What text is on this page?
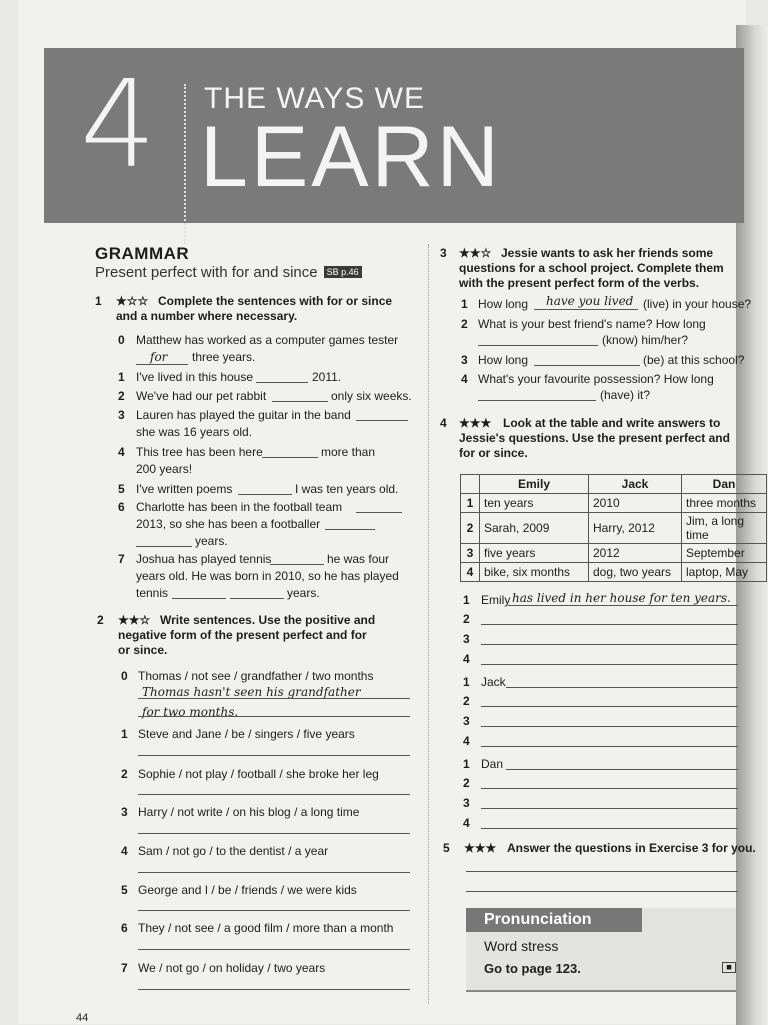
4 THE WAYS WE
LEARN
GRAMMAR
Present perfect with for and since SB p.46
1 ★☆☆ Complete the sentences with for or since
and a number where necessary.
0 Matthew has worked as a computer games tester
for three years.
1 I've lived in this house	2011.
2 We've had our pet rabbit	only six weeks.
3 Lauren has played the guitar in the band
she was 16 years old.
4 This tree has been here	more than
200 years!
5 I've written poems	I was ten years old.
6 Charlotte has been in the football team
2013, so she has been a footballer
years.
7 Joshua has played tennis	he was four
years old. He was born in 2010, so he has played
tennis	years.
2 ★★☆ Write sentences. Use the positive and
negative form of the present perfect and for
or since.
0 Thomas / not see / grandfather / two months
Thomas hasn't seen his grandfather
for two months.
1 Steve and Jane / be / singers / five years
2 Sophie / not play / football / she broke her leg
3 Harry / not write / on his blog / a long time
4 Sam / not go / to the dentist / a year
5 George and I / be / friends / we were kids
6 They / not see / a good film / more than a month
7 We / not go / on holiday / two years
3 ★★☆ Jessie wants to ask her friends some
questions for a school project. Complete them
with the present perfect form of the verbs.
1 How long have you lived (live) in your house?
2 What is your best friend's name? How long
(know) him/her?
3 How long	(be) at this school?
4 What's your favourite possession? How long
(have) it?
4 ★★★ Look at the table and write answers to
Jessie's questions. Use the present perfect and
for or since.
	Emily	Jack	Dan
1	ten years	2010	three months
2	Sarah, 2009	Harry, 2012	Jim, a long time
3	five years	2012	September
4	bike, six months	dog, two years	laptop, May
1 Emily has lived in her house for ten years.
2
3
4
1 Jack
2
3
4
1 Dan
2
3
4
5 ★★★ Answer the questions in Exercise 3 for you.
Pronunciation
Word stress
Go to page 123.	◼
44
